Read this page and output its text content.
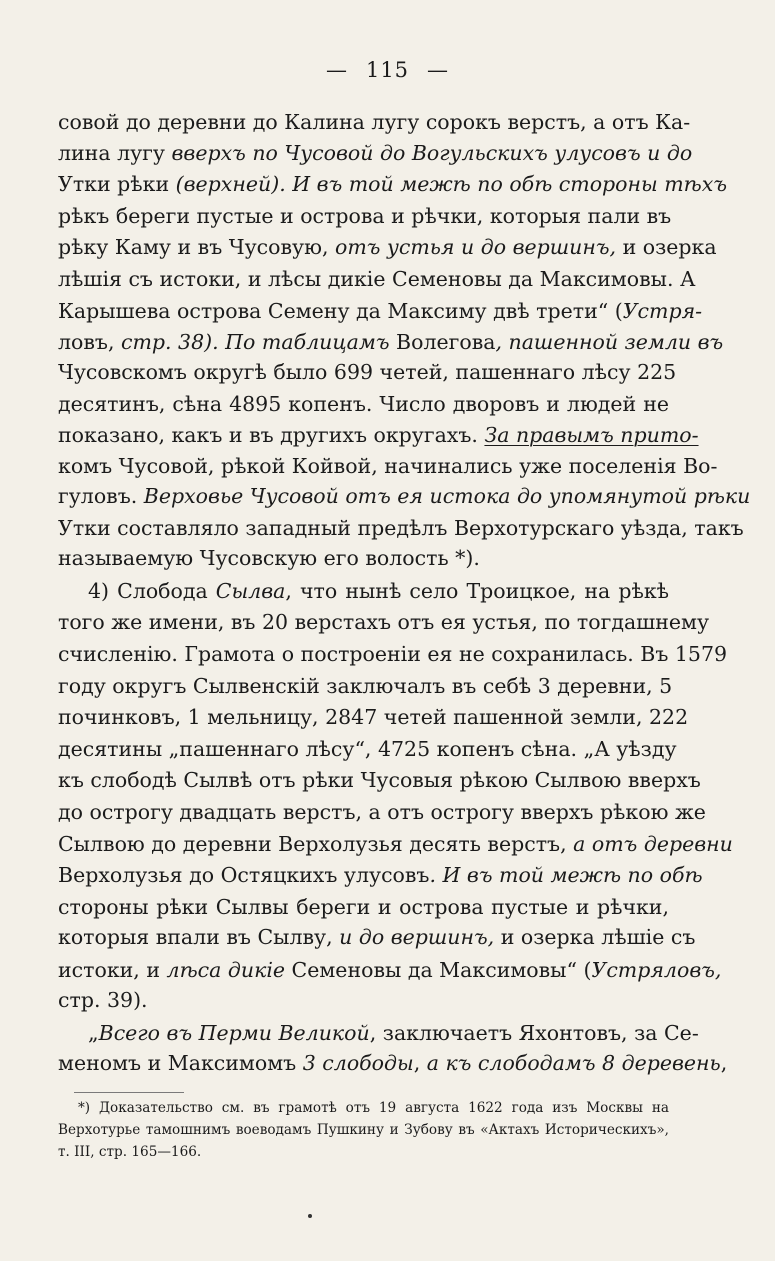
— 115 —
совой до деревни до Калина лугу сорокъ верстъ, а отъ Ка-
лина лугу вверхъ по Чусовой до Вогульскихъ улусовъ и до
Утки рѣки (верхней). И въ той межѣ по обѣ стороны тѣхъ
рѣкъ береги пустые и острова и рѣчки, которыя пали въ
рѣку Каму и въ Чусовую, отъ устья и до вершинъ, и озерка
лѣшія съ истоки, и лѣсы дикіе Семеновы да Максимовы. А
Карышева острова Семену да Максиму двѣ трети“ (Устря-
ловъ, стр. 38). По таблицамъ Волегова, пашенной земли въ
Чусовскомъ округѣ было 699 четей, пашеннаго лѣсу 225
десятинъ, сѣна 4895 копенъ. Число дворовъ и людей не
показано, какъ и въ другихъ округахъ. За правымъ прито-
комъ Чусовой, рѣкой Койвой, начинались уже поселенія Во-
гуловъ. Верховье Чусовой отъ ея истока до упомянутой рѣки
Утки составляло западный предѣлъ Верхотурскаго уѣзда, такъ
называемую Чусовскую его волость *).
4) Слобода Сылва, что нынѣ село Троицкое, на рѣкѣ
того же имени, въ 20 верстахъ отъ ея устья, по тогдашнему
счисленію. Грамота о построеніи ея не сохранилась. Въ 1579
году округъ Сылвенскій заключалъ въ себѣ 3 деревни, 5
починковъ, 1 мельницу, 2847 четей пашенной земли, 222
десятины „пашеннаго лѣсу“, 4725 копенъ сѣна. „А уѣзду
къ слободѣ Сылвѣ отъ рѣки Чусовыя рѣкою Сылвою вверхъ
до острогу двадцать верстъ, а отъ острогу вверхъ рѣкою же
Сылвою до деревни Верхолузья десять верстъ, а отъ деревни
Верхолузья до Остяцкихъ улусовъ. И въ той межѣ по обѣ
стороны рѣки Сылвы береги и острова пустые и рѣчки,
которыя впали въ Сылву, и до вершинъ, и озерка лѣшіе съ
истоки, и лѣса дикіе Семеновы да Максимовы“ (Устряловъ,
стр. 39).
„Всего въ Перми Великой, заключаетъ Яхонтовъ, за Се-
меномъ и Максимомъ 3 слободы, а къ слободамъ 8 деревень,
*) Доказательство см. въ грамотѣ отъ 19 августа 1622 года изъ Москвы на
Верхотурье тамошнимъ воеводамъ Пушкину и Зубову въ «Актахъ Историческихъ»,
т. III, стр. 165—166.
